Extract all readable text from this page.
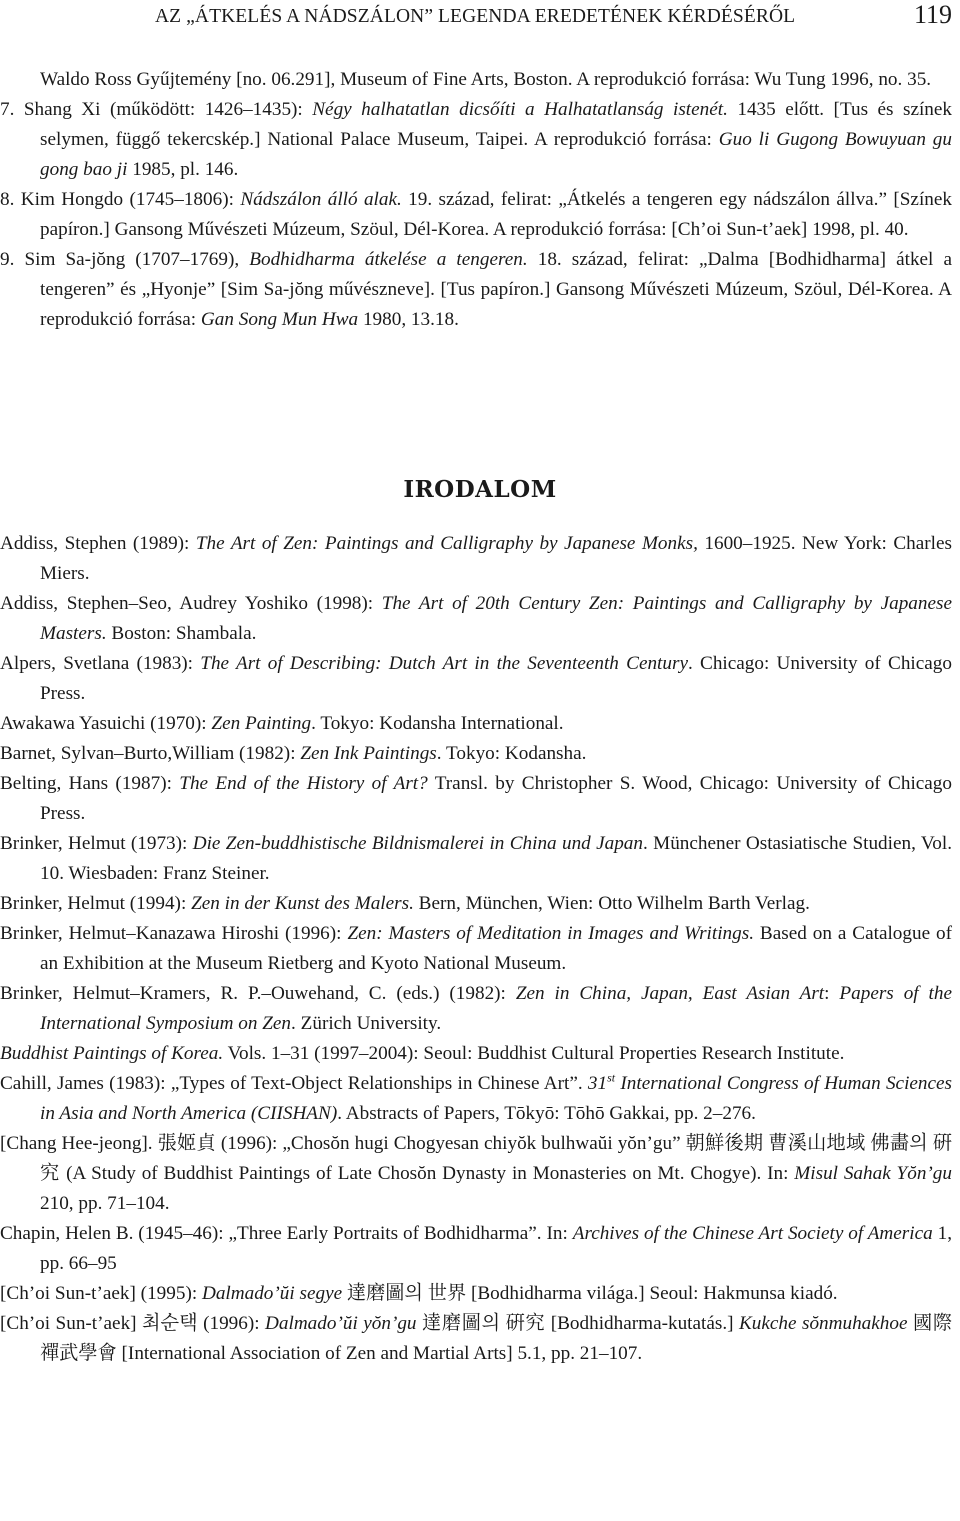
AZ „ÁTKELÉS A NÁDSZÁLON” LEGENDA EREDETÉNEK KÉRDÉSÉRŐL	119

Waldo Ross Gyűjtemény [no. 06.291], Museum of Fine Arts, Boston. A reprodukció forrása: Wu Tung 1996, no. 35.

7. Shang Xi (működött: 1426–1435): Négy halhatatlan dicsőíti a Halhatatlanság istenét. 1435 előtt. [Tus és színek selymen, függő tekercskép.] National Palace Museum, Taipei. A reprodukció forrása: Guo li Gugong Bowuyuan gu gong bao ji 1985, pl. 146.

8. Kim Hongdo (1745–1806): Nádszálon álló alak. 19. század, felirat: „Átkelés a tengeren egy nádszálon állva.” [Színek papíron.] Gansong Művészeti Múzeum, Szöul, Dél-Korea. A reprodukció forrása: [Ch’oi Sun-t’aek] 1998, pl. 40.

9. Sim Sa-jŏng (1707–1769), Bodhidharma átkelése a tengeren. 18. század, felirat: „Dalma [Bodhidharma] átkel a tengeren” és „Hyonje” [Sim Sa-jŏng művészneve]. [Tus papíron.] Gansong Művészeti Múzeum, Szöul, Dél-Korea. A reprodukció forrása: Gan Song Mun Hwa 1980, 13.18.

IRODALOM

Addiss, Stephen (1989): The Art of Zen: Paintings and Calligraphy by Japanese Monks, 1600–1925. New York: Charles Miers.

Addiss, Stephen–Seo, Audrey Yoshiko (1998): The Art of 20th Century Zen: Paintings and Calligraphy by Japanese Masters. Boston: Shambala.

Alpers, Svetlana (1983): The Art of Describing: Dutch Art in the Seventeenth Century. Chicago: University of Chicago Press.

Awakawa Yasuichi (1970): Zen Painting. Tokyo: Kodansha International.

Barnet, Sylvan–Burto,William (1982): Zen Ink Paintings. Tokyo: Kodansha.

Belting, Hans (1987): The End of the History of Art? Transl. by Christopher S. Wood, Chicago: University of Chicago Press.

Brinker, Helmut (1973): Die Zen-buddhistische Bildnismalerei in China und Japan. Münchener Ostasiatische Studien, Vol. 10. Wiesbaden: Franz Steiner.

Brinker, Helmut (1994): Zen in der Kunst des Malers. Bern, München, Wien: Otto Wilhelm Barth Verlag.

Brinker, Helmut–Kanazawa Hiroshi (1996): Zen: Masters of Meditation in Images and Writings. Based on a Catalogue of an Exhibition at the Museum Rietberg and Kyoto National Museum.

Brinker, Helmut–Kramers, R. P.–Ouwehand, C. (eds.) (1982): Zen in China, Japan, East Asian Art: Papers of the International Symposium on Zen. Zürich University.

Buddhist Paintings of Korea. Vols. 1–31 (1997–2004): Seoul: Buddhist Cultural Properties Research Institute.

Cahill, James (1983): „Types of Text-Object Relationships in Chinese Art”. 31st International Congress of Human Sciences in Asia and North America (CIISHAN). Abstracts of Papers, Tōkyō: Tōhō Gakkai, pp. 2–276.

[Chang Hee-jeong]. 張姬貞 (1996): „Chosŏn hugi Chogyesan chiyŏk bulhwaŭi yŏn’gu” 朝鮮後期 曹溪山地域 佛畵의 硏究 (A Study of Buddhist Paintings of Late Chosŏn Dynasty in Monasteries on Mt. Chogye). In: Misul Sahak Yŏn’gu 210, pp. 71–104.

Chapin, Helen B. (1945–46): „Three Early Portraits of Bodhidharma”. In: Archives of the Chinese Art Society of America 1, pp. 66–95

[Ch’oi Sun-t’aek] (1995): Dalmado’ŭi segye 達磨圖의 世界 [Bodhidharma világa.] Seoul: Hakmunsa kiadó.

[Ch’oi Sun-t’aek] 최순택 (1996): Dalmado’ŭi yŏn’gu 達磨圖의 硏究 [Bodhidharma-kutatás.] Kukche sŏnmuhakhoe 國際禪武學會 [International Association of Zen and Martial Arts] 5.1, pp. 21–107.
